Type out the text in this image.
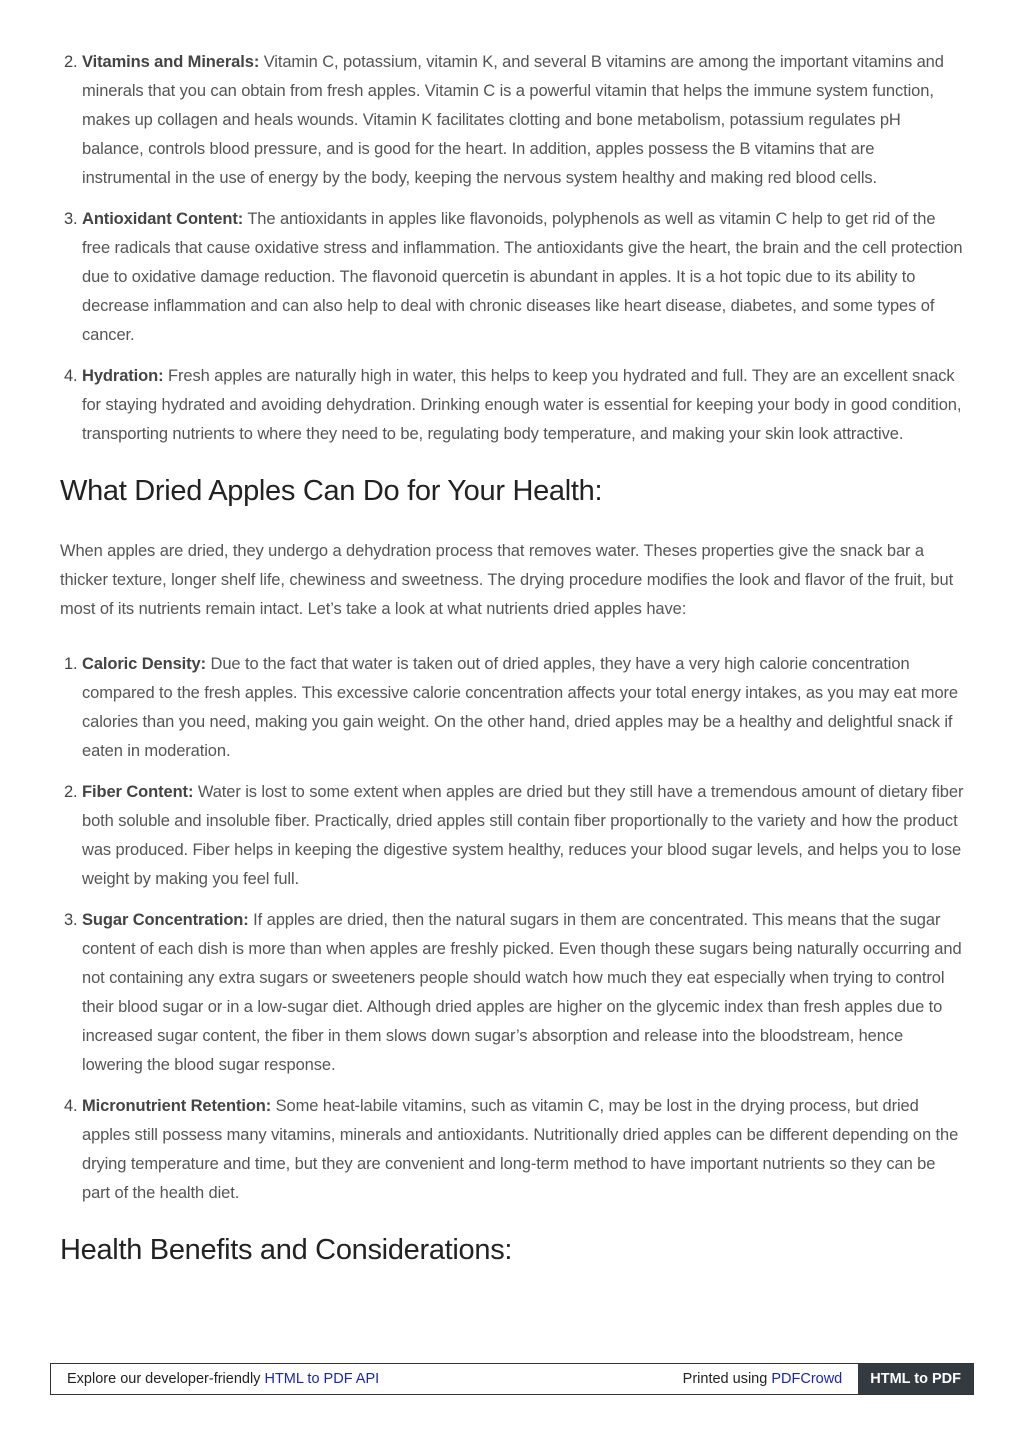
2. Vitamins and Minerals: Vitamin C, potassium, vitamin K, and several B vitamins are among the important vitamins and minerals that you can obtain from fresh apples. Vitamin C is a powerful vitamin that helps the immune system function, makes up collagen and heals wounds. Vitamin K facilitates clotting and bone metabolism, potassium regulates pH balance, controls blood pressure, and is good for the heart. In addition, apples possess the B vitamins that are instrumental in the use of energy by the body, keeping the nervous system healthy and making red blood cells.
3. Antioxidant Content: The antioxidants in apples like flavonoids, polyphenols as well as vitamin C help to get rid of the free radicals that cause oxidative stress and inflammation. The antioxidants give the heart, the brain and the cell protection due to oxidative damage reduction. The flavonoid quercetin is abundant in apples. It is a hot topic due to its ability to decrease inflammation and can also help to deal with chronic diseases like heart disease, diabetes, and some types of cancer.
4. Hydration: Fresh apples are naturally high in water, this helps to keep you hydrated and full. They are an excellent snack for staying hydrated and avoiding dehydration. Drinking enough water is essential for keeping your body in good condition, transporting nutrients to where they need to be, regulating body temperature, and making your skin look attractive.
What Dried Apples Can Do for Your Health:

When apples are dried, they undergo a dehydration process that removes water. Theses properties give the snack bar a thicker texture, longer shelf life, chewiness and sweetness. The drying procedure modifies the look and flavor of the fruit, but most of its nutrients remain intact. Let’s take a look at what nutrients dried apples have:

1. Caloric Density: Due to the fact that water is taken out of dried apples, they have a very high calorie concentration compared to the fresh apples. This excessive calorie concentration affects your total energy intakes, as you may eat more calories than you need, making you gain weight. On the other hand, dried apples may be a healthy and delightful snack if eaten in moderation.
2. Fiber Content: Water is lost to some extent when apples are dried but they still have a tremendous amount of dietary fiber both soluble and insoluble fiber. Practically, dried apples still contain fiber proportionally to the variety and how the product was produced. Fiber helps in keeping the digestive system healthy, reduces your blood sugar levels, and helps you to lose weight by making you feel full.
3. Sugar Concentration: If apples are dried, then the natural sugars in them are concentrated. This means that the sugar content of each dish is more than when apples are freshly picked. Even though these sugars being naturally occurring and not containing any extra sugars or sweeteners people should watch how much they eat especially when trying to control their blood sugar or in a low-sugar diet. Although dried apples are higher on the glycemic index than fresh apples due to increased sugar content, the fiber in them slows down sugar’s absorption and release into the bloodstream, hence lowering the blood sugar response.
4. Micronutrient Retention: Some heat-labile vitamins, such as vitamin C, may be lost in the drying process, but dried apples still possess many vitamins, minerals and antioxidants. Nutritionally dried apples can be different depending on the drying temperature and time, but they are convenient and long-term method to have important nutrients so they can be part of the health diet.
Health Benefits and Considerations:
Explore our developer-friendly HTML to PDF API	Printed using PDFCrowd	HTML to PDF
